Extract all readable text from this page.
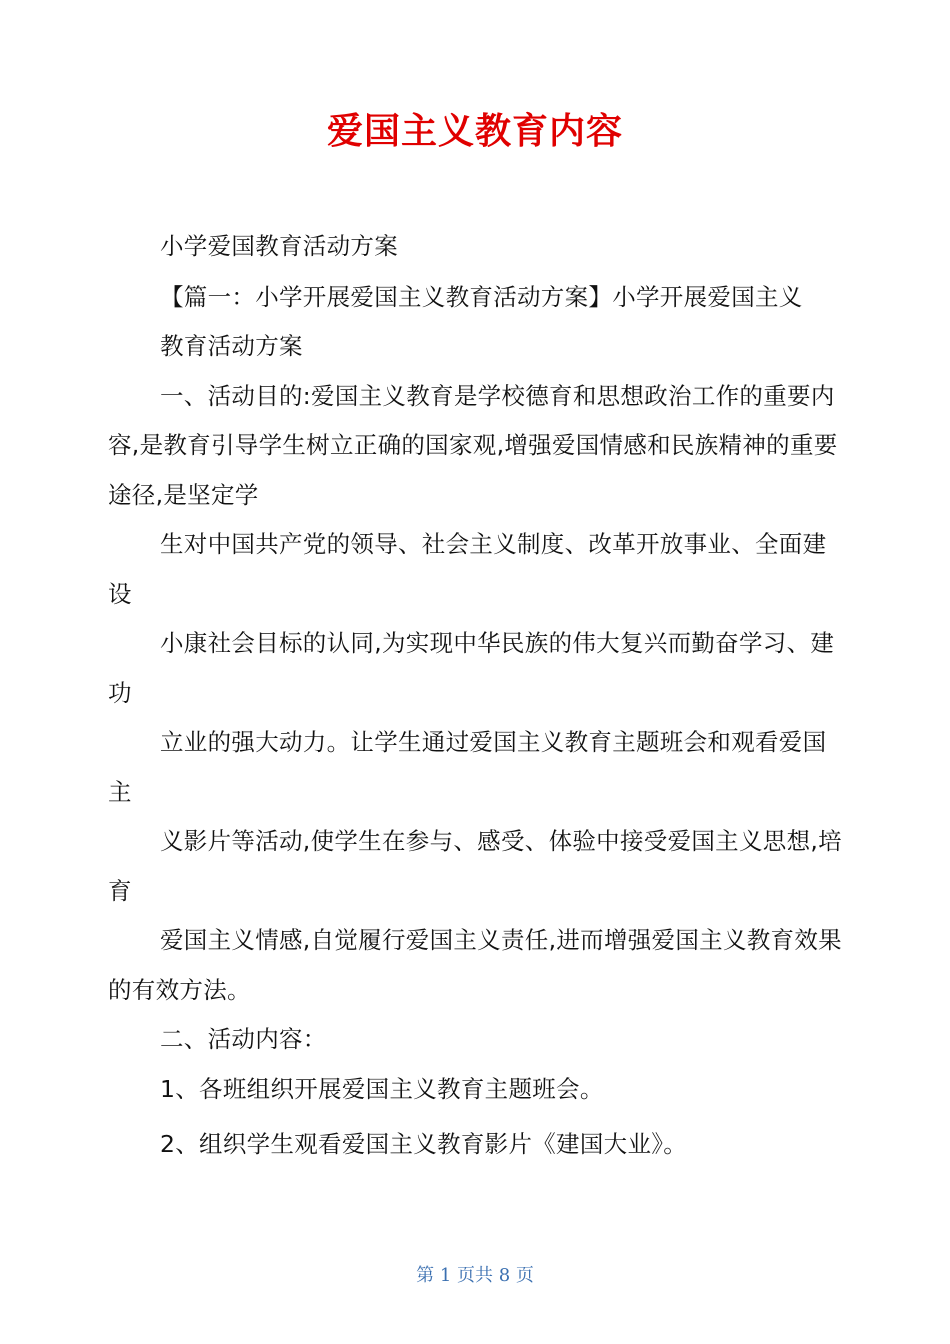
爱国主义教育内容

小学爱国教育活动方案

【篇一：小学开展爱国主义教育活动方案】小学开展爱国主义

教育活动方案

一、活动目的:爱国主义教育是学校德育和思想政治工作的重要内容,是教育引导学生树立正确的国家观,增强爱国情感和民族精神的重要途径,是坚定学

生对中国共产党的领导、社会主义制度、改革开放事业、全面建设

小康社会目标的认同,为实现中华民族的伟大复兴而勤奋学习、建功

立业的强大动力。让学生通过爱国主义教育主题班会和观看爱国主

义影片等活动,使学生在参与、感受、体验中接受爱国主义思想,培育

爱国主义情感,自觉履行爱国主义责任,进而增强爱国主义教育效果的有效方法。

二、活动内容：

1、各班组织开展爱国主义教育主题班会。

2、组织学生观看爱国主义教育影片《建国大业》。

第 1 页共 8 页
